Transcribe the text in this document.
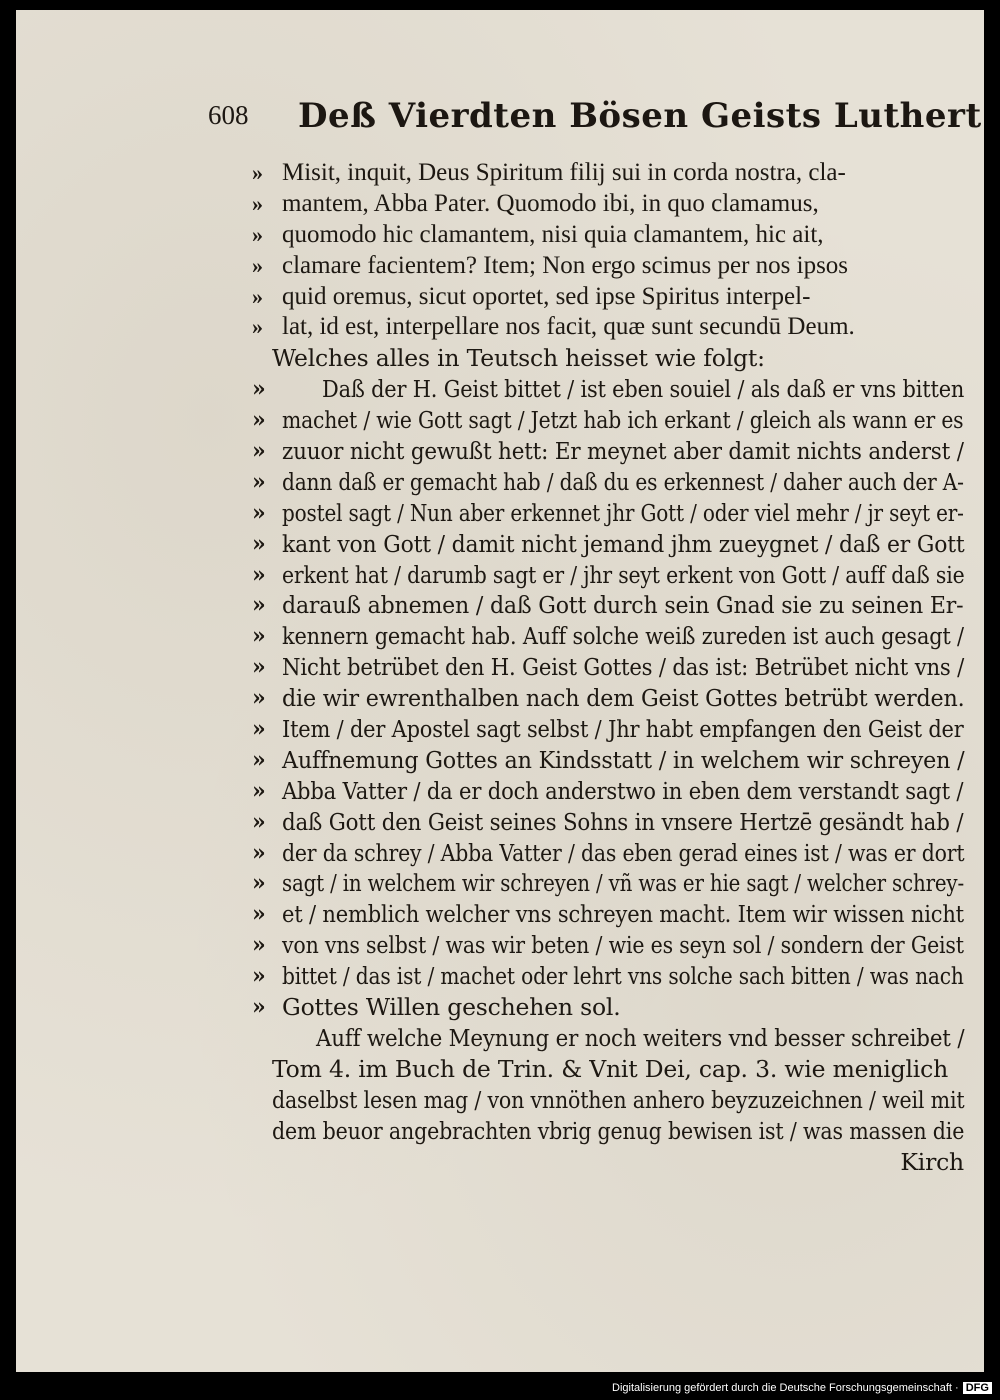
608 Deß Vierdten Bösen Geists Luthert
» Misit, inquit, Deus Spiritum filij sui in corda nostra, cla-
» mantem, Abba Pater. Quomodo ibi, in quo clamamus,
» quomodo hic clamantem, nisi quia clamantem, hic ait,
» clamare facientem? Item; Non ergo scimus per nos ipsos
» quid oremus, sicut oportet, sed ipse Spiritus interpel-
» lat, id est, interpellare nos facit, quæ sunt secundū Deum.
Welches alles in Teutsch heisset wie folgt:
»	Daß der H. Geist bittet / ist eben souiel / als daß er vns bitten
» machet / wie Gott sagt / Jetzt hab ich erkant / gleich als wann er es
» zuuor nicht gewußt hett: Er meynet aber damit nichts anderst /
» dann daß er gemacht hab / daß du es erkennest / daher auch der A-
» postel sagt / Nun aber erkennet jhr Gott / oder viel mehr / jr seyt er-
» kant von Gott / damit nicht jemand jhm zueygnet / daß er Gott
» erkent hat / darumb sagt er / jhr seyt erkent von Gott / auff daß sie
» darauß abnemen / daß Gott durch sein Gnad sie zu seinen Er-
» kennern gemacht hab. Auff solche weiß zureden ist auch gesagt /
» Nicht betrübet den H. Geist Gottes / das ist: Betrübet nicht vns /
» die wir ewrenthalben nach dem Geist Gottes betrübt werden.
» Item / der Apostel sagt selbst / Jhr habt empfangen den Geist der
» Auffnemung Gottes an Kindsstatt / in welchem wir schreyen /
» Abba Vatter / da er doch anderstwo in eben dem verstandt sagt /
» daß Gott den Geist seines Sohns in vnsere Hertzē gesändt hab /
» der da schrey / Abba Vatter / das eben gerad eines ist / was er dort
» sagt / in welchem wir schreyen / vñ was er hie sagt / welcher schrey-
» et / nemblich welcher vns schreyen macht. Item wir wissen nicht
» von vns selbst / was wir beten / wie es seyn sol / sondern der Geist
» bittet / das ist / machet oder lehrt vns solche sach bitten / was nach
» Gottes Willen geschehen sol.
Auff welche Meynung er noch weiters vnd besser schreibet /
Tom 4. im Buch de Trin. & Vnit Dei, cap. 3. wie meniglich
daselbst lesen mag / von vnnöthen anhero beyzuzeichnen / weil mit
dem beuor angebrachten vbrig genug bewisen ist / was massen die
Kirch
Digitalisierung gefördert durch die Deutsche Forschungsgemeinschaft · DFG
